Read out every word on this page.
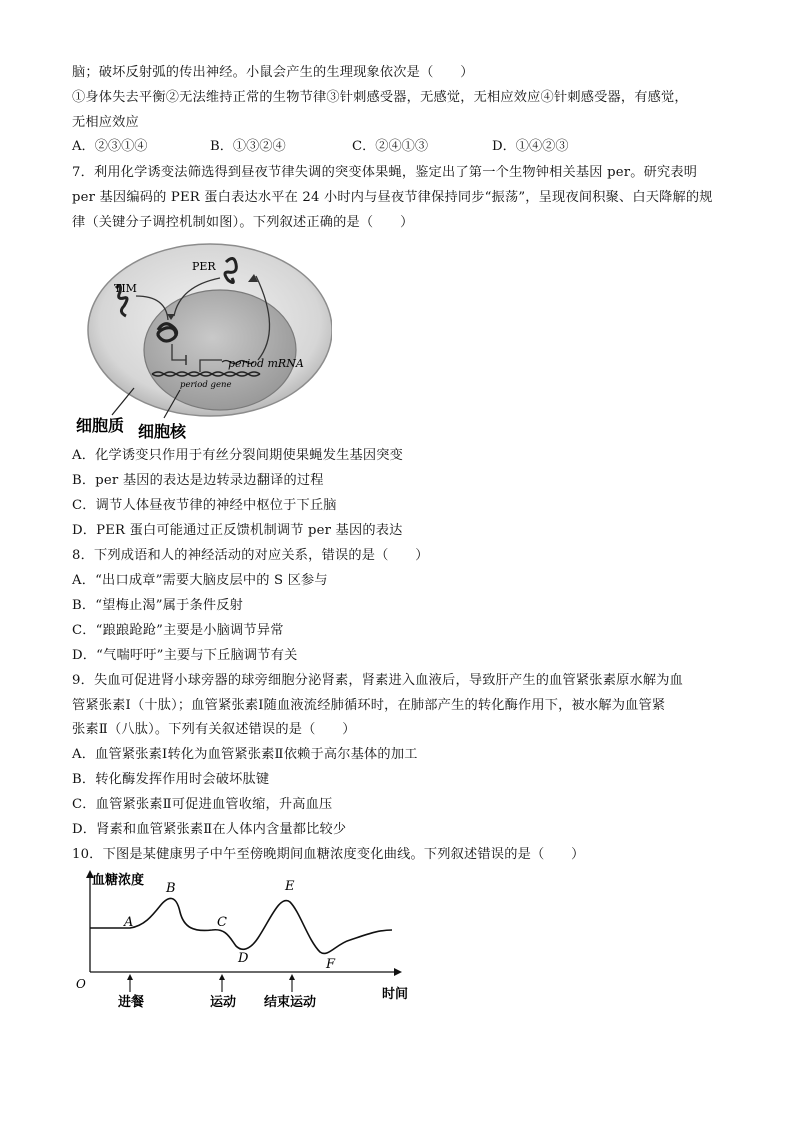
脑；破坏反射弧的传出神经。小鼠会产生的生理现象依次是（　　）
①身体失去平衡②无法维持正常的生物节律③针刺感受器，无感觉，无相应效应④针刺感受器，有感觉，
无相应效应
A．②③①④	B．①③②④	C．②④①③	D．①④②③
7．利用化学诱变法筛选得到昼夜节律失调的突变体果蝇，鉴定出了第一个生物钟相关基因 per。研究表明
per 基因编码的 PER 蛋白表达水平在 24 小时内与昼夜节律保持同步“振荡”，呈现夜间积聚、白天降解的规
律（关键分子调控机制如图）。下列叙述正确的是（　　）
TIM
PER
period mRNA
period gene
细胞质 细胞核
A．化学诱变只作用于有丝分裂间期使果蝇发生基因突变
B．per 基因的表达是边转录边翻译的过程
C．调节人体昼夜节律的神经中枢位于下丘脑
D．PER 蛋白可能通过正反馈机制调节 per 基因的表达
8．下列成语和人的神经活动的对应关系，错误的是（　　）
A．“出口成章”需要大脑皮层中的 S 区参与
B．“望梅止渴”属于条件反射
C．“踉踉跄跄”主要是小脑调节异常
D．“气喘吁吁”主要与下丘脑调节有关
9．失血可促进肾小球旁器的球旁细胞分泌肾素，肾素进入血液后，导致肝产生的血管紧张素原水解为血
管紧张素Ⅰ（十肽）；血管紧张素Ⅰ随血液流经肺循环时，在肺部产生的转化酶作用下，被水解为血管紧
张素Ⅱ（八肽）。下列有关叙述错误的是（　　）
A．血管紧张素Ⅰ转化为血管紧张素Ⅱ依赖于高尔基体的加工
B．转化酶发挥作用时会破坏肽键
C．血管紧张素Ⅱ可促进血管收缩，升高血压
D．肾素和血管紧张素Ⅱ在人体内含量都比较少
10．下图是某健康男子中午至傍晚期间血糖浓度变化曲线。下列叙述错误的是（　　）
A
B
C
D
E
F
血糖浓度
时间
O
进餐	运动 结束运动
